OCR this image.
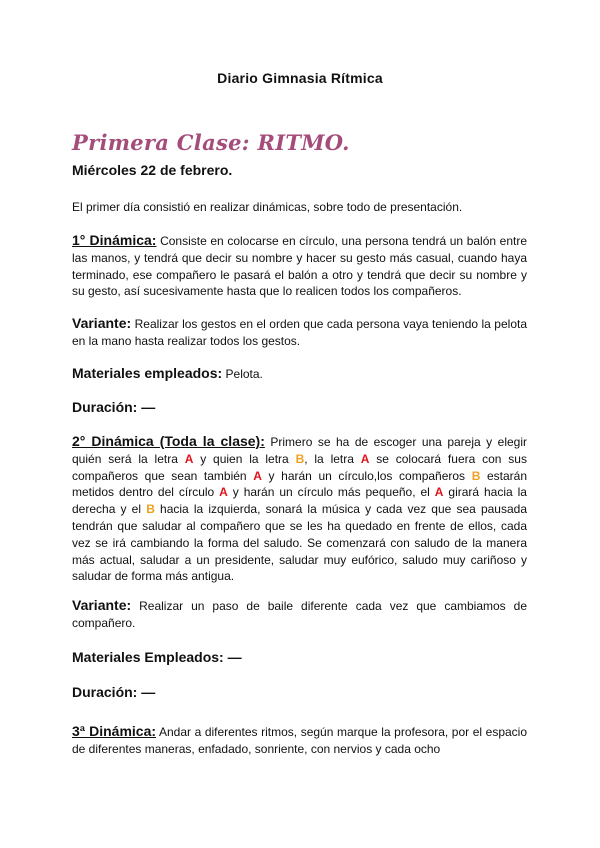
Diario Gimnasia Rítmica
Primera Clase: RITMO.
Miércoles 22 de febrero.
El primer día consistió en realizar dinámicas, sobre todo de presentación.
1° Dinámica: Consiste en colocarse en círculo, una persona tendrá un balón entre las manos, y tendrá que decir su nombre y hacer su gesto más casual, cuando haya terminado, ese compañero le pasará el balón a otro y tendrá que decir su nombre y su gesto, así sucesivamente hasta que lo realicen todos los compañeros.
Variante: Realizar los gestos en el orden que cada persona vaya teniendo la pelota en la mano hasta realizar todos los gestos.
Materiales empleados: Pelota.
Duración: —
2° Dinámica (Toda la clase): Primero se ha de escoger una pareja y elegir quién será la letra A y quien la letra B, la letra A se colocará fuera con sus compañeros que sean también A y harán un círculo,los compañeros B estarán metidos dentro del círculo A y harán un círculo más pequeño, el A girará hacia la derecha y el B hacia la izquierda, sonará la música y cada vez que sea pausada tendrán que saludar al compañero que se les ha quedado en frente de ellos, cada vez se irá cambiando la forma del saludo. Se comenzará con saludo de la manera más actual, saludar a un presidente, saludar muy eufórico, saludo muy cariñoso y saludar de forma más antigua.
Variante: Realizar un paso de baile diferente cada vez que cambiamos de compañero.
Materiales Empleados: —
Duración: —
3ª Dinámica: Andar a diferentes ritmos, según marque la profesora, por el espacio de diferentes maneras, enfadado, sonriente, con nervios y cada ocho
